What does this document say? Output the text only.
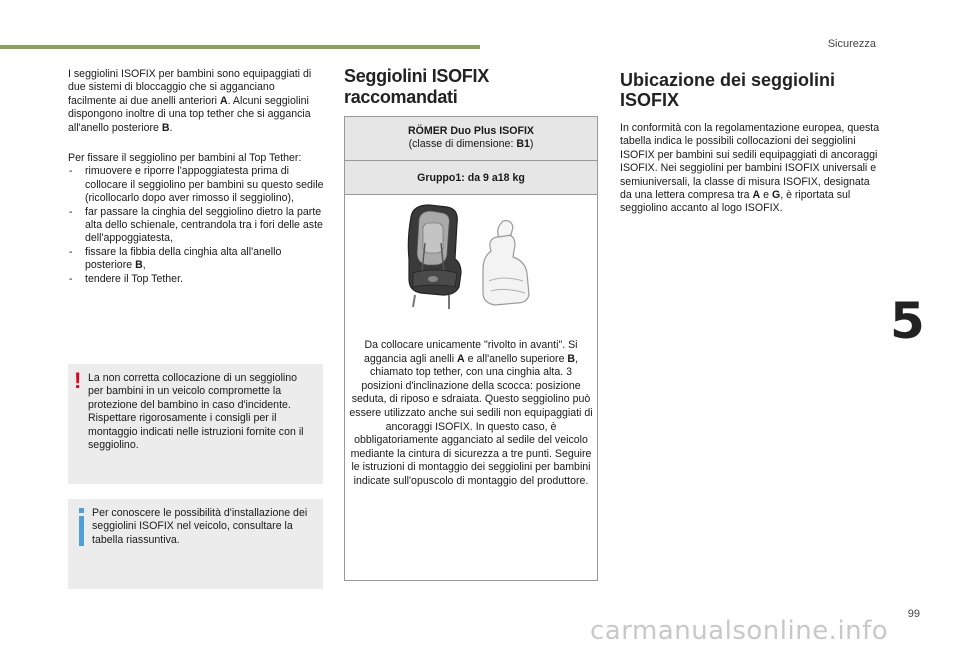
Sicurezza
5
99

I seggiolini ISOFIX per bambini sono equipaggiati di due sistemi di bloccaggio che si agganciano facilmente ai due anelli anteriori A. Alcuni seggiolini dispongono inoltre di una top tether che si aggancia all'anello posteriore B.

Per fissare il seggiolino per bambini al Top Tether:
- rimuovere e riporre l'appoggiatesta prima di collocare il seggiolino per bambini su questo sedile (ricollocarlo dopo aver rimosso il seggiolino),
- far passare la cinghia del seggiolino dietro la parte alta dello schienale, centrandola tra i fori delle aste dell'appoggiatesta,
- fissare la fibbia della cinghia alta all'anello posteriore B,
- tendere il Top Tether.
! La non corretta collocazione di un seggiolino per bambini in un veicolo compromette la protezione del bambino in caso d'incidente.
Rispettare rigorosamente i consigli per il montaggio indicati nelle istruzioni fornite con il seggiolino.
Per conoscere le possibilità d'installazione dei seggiolini ISOFIX nel veicolo, consultare la tabella riassuntiva.
Seggiolini ISOFIX raccomandati
RÖMER Duo Plus ISOFIX
(classe di dimensione: B1)
Gruppo1: da 9 a18 kg
Da collocare unicamente "rivolto in avanti". Si aggancia agli anelli A e all'anello superiore B, chiamato top tether, con una cinghia alta. 3 posizioni d'inclinazione della scocca: posizione seduta, di riposo e sdraiata. Questo seggiolino può essere utilizzato anche sui sedili non equipaggiati di ancoraggi ISOFIX. In questo caso, è obbligatoriamente agganciato al sedile del veicolo mediante la cintura di sicurezza a tre punti. Seguire le istruzioni di montaggio dei seggiolini per bambini indicate sull'opuscolo di montaggio del produttore.
Ubicazione dei seggiolini
ISOFIX
In conformità con la regolamentazione europea, questa tabella indica le possibili collocazioni dei seggiolini ISOFIX per bambini sui sedili equipaggiati di ancoraggi ISOFIX. Nei seggiolini per bambini ISOFIX universali e semiuniversali, la classe di misura ISOFIX, designata da una lettera compresa tra A e G, è riportata sul seggiolino accanto al logo ISOFIX.
carmanualsonline.info
